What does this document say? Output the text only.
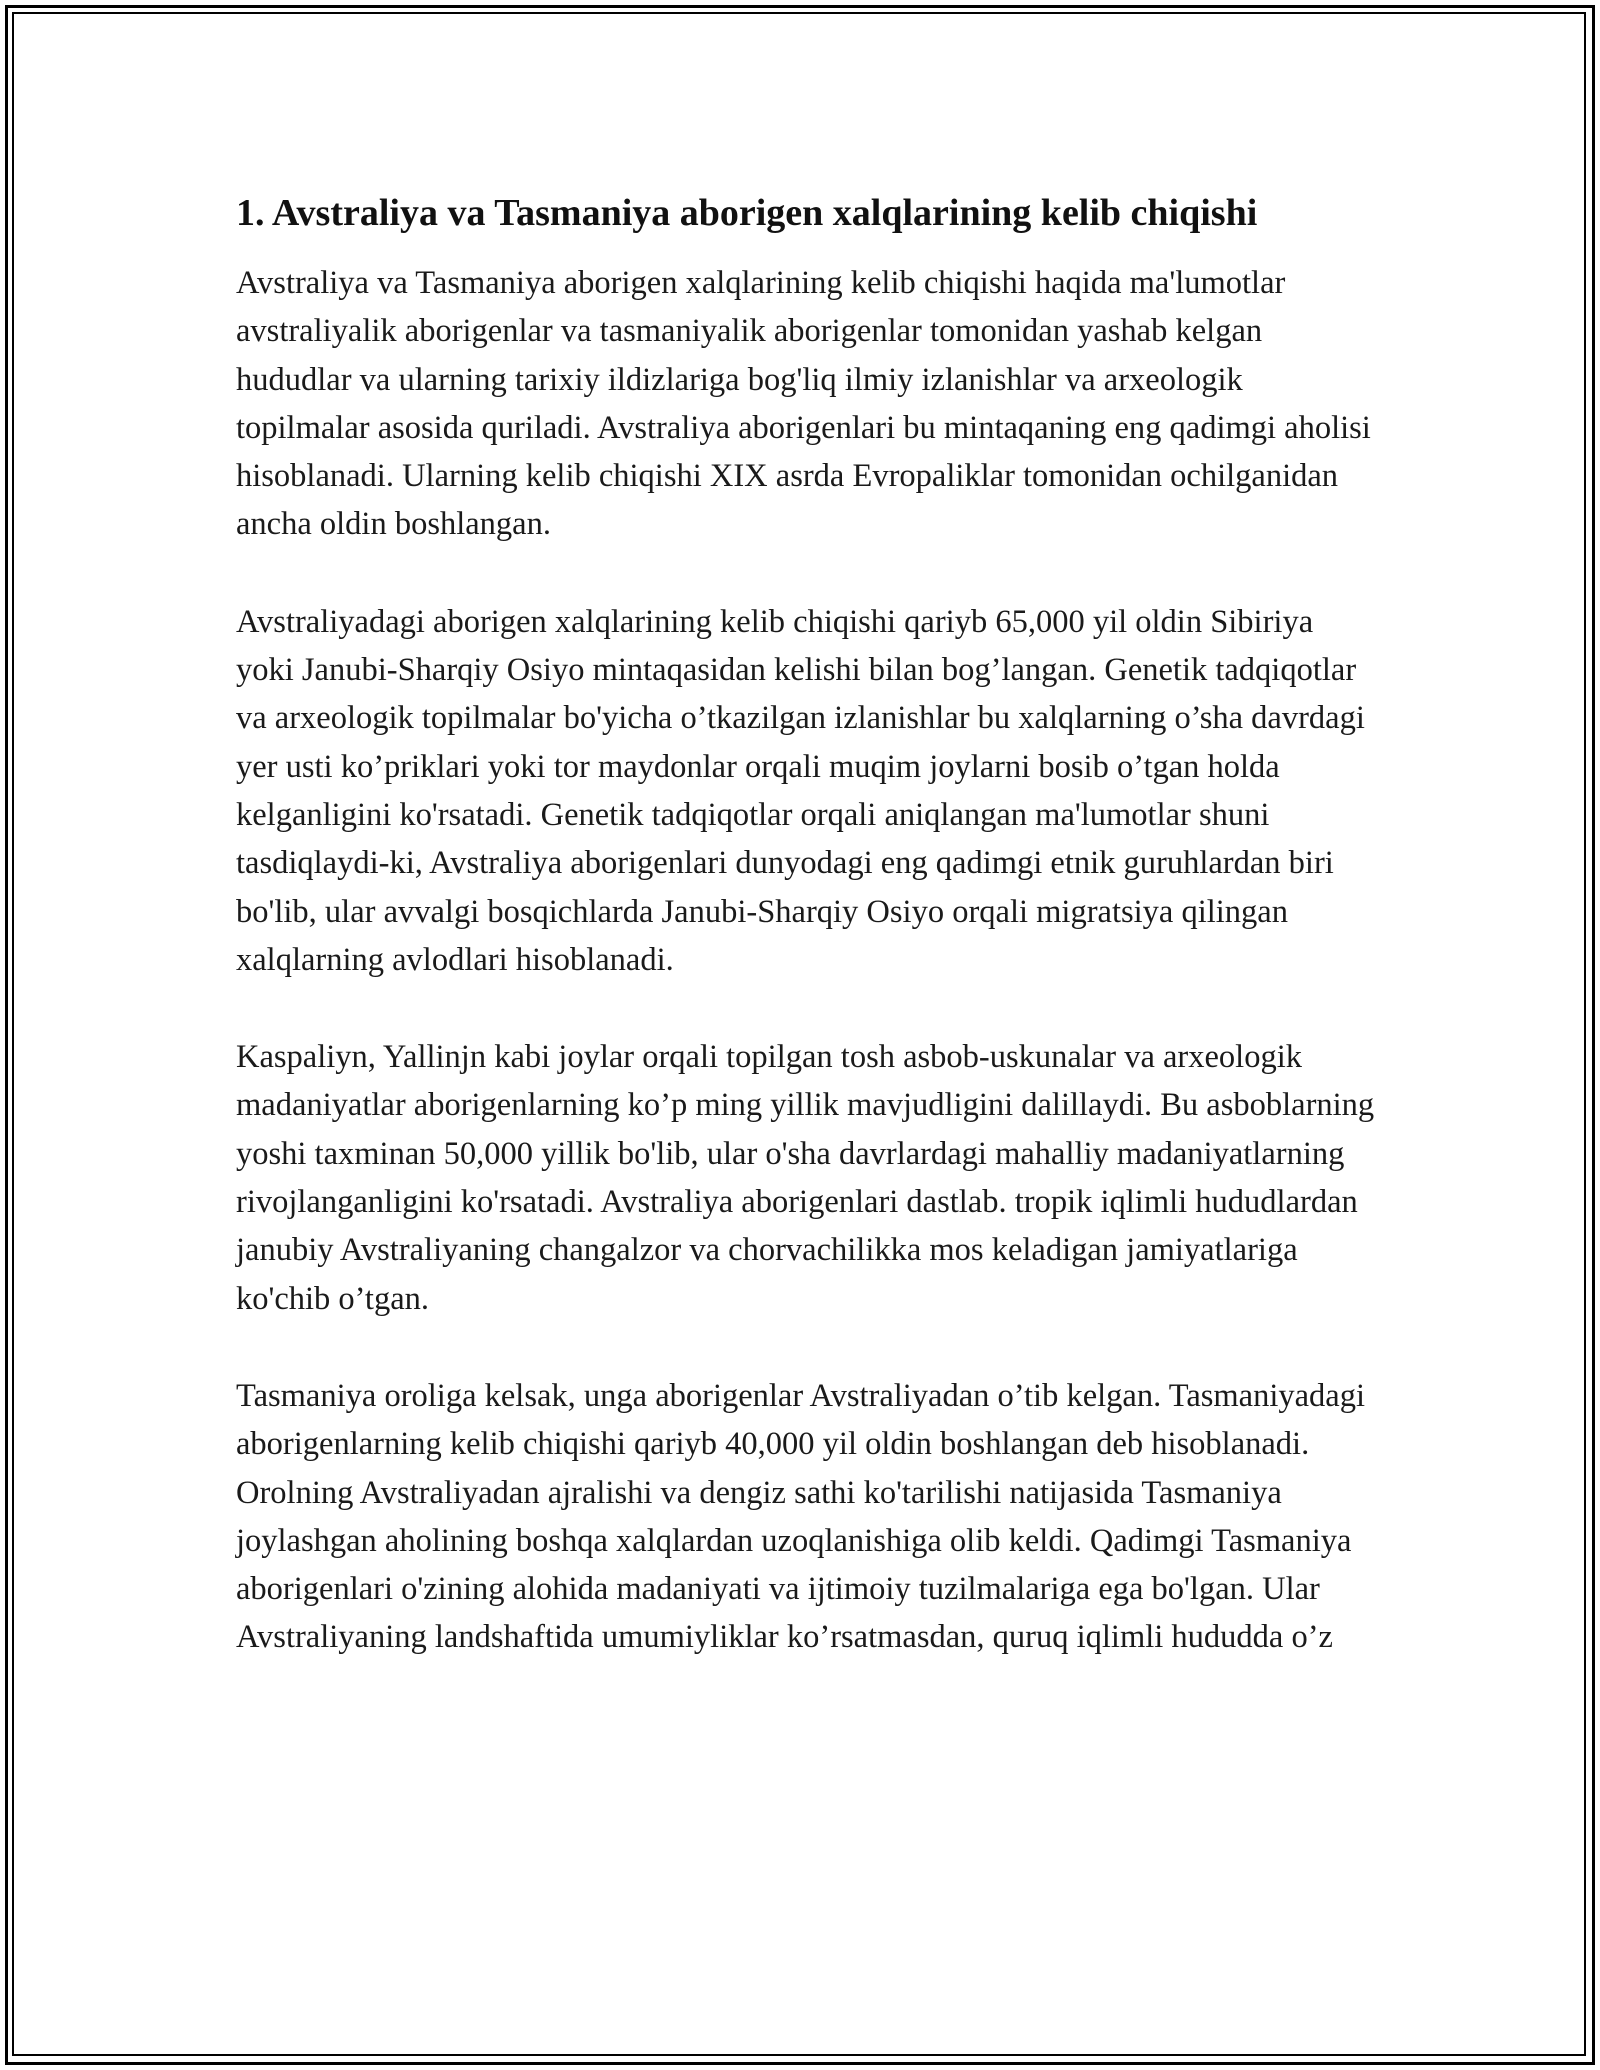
1. Avstraliya va Tasmaniya aborigen xalqlarining kelib chiqishi

Avstraliya va Tasmaniya aborigen xalqlarining kelib chiqishi haqida ma'lumotlar avstraliyalik aborigenlar va tasmaniyalik aborigenlar tomonidan yashab kelgan hududlar va ularning tarixiy ildizlariga bog'liq ilmiy izlanishlar va arxeologik topilmalar asosida quriladi. Avstraliya aborigenlari bu mintaqaning eng qadimgi aholisi hisoblanadi. Ularning kelib chiqishi XIX asrda Evropaliklar tomonidan ochilganidan ancha oldin boshlangan.

Avstraliyadagi aborigen xalqlarining kelib chiqishi qariyb 65,000 yil oldin Sibiriya yoki Janubi-Sharqiy Osiyo mintaqasidan kelishi bilan bog’langan. Genetik tadqiqotlar va arxeologik topilmalar bo'yicha o’tkazilgan izlanishlar bu xalqlarning o’sha davrdagi yer usti ko’priklari yoki tor maydonlar orqali muqim joylarni bosib o’tgan holda kelganligini ko'rsatadi. Genetik tadqiqotlar orqali aniqlangan ma'lumotlar shuni tasdiqlaydi-ki, Avstraliya aborigenlari dunyodagi eng qadimgi etnik guruhlardan biri bo'lib, ular avvalgi bosqichlarda Janubi-Sharqiy Osiyo orqali migratsiya qilingan xalqlarning avlodlari hisoblanadi.

Kaspaliyn, Yallinjn kabi joylar orqali topilgan tosh asbob-uskunalar va arxeologik madaniyatlar aborigenlarning ko’p ming yillik mavjudligini dalillaydi. Bu asboblarning yoshi taxminan 50,000 yillik bo'lib, ular o'sha davrlardagi mahalliy madaniyatlarning rivojlanganligini ko'rsatadi. Avstraliya aborigenlari dastlab. tropik iqlimli hududlardan janubiy Avstraliyaning changalzor va chorvachilikka mos keladigan jamiyatlariga ko'chib o’tgan.

Tasmaniya oroliga kelsak, unga aborigenlar Avstraliyadan o’tib kelgan. Tasmaniyadagi aborigenlarning kelib chiqishi qariyb 40,000 yil oldin boshlangan deb hisoblanadi. Orolning Avstraliyadan ajralishi va dengiz sathi ko'tarilishi natijasida Tasmaniya joylashgan aholining boshqa xalqlardan uzoqlanishiga olib keldi. Qadimgi Tasmaniya aborigenlari o'zining alohida madaniyati va ijtimoiy tuzilmalariga ega bo'lgan. Ular Avstraliyaning landshaftida umumiyliklar ko’rsatmasdan, quruq iqlimli hududda o’z
